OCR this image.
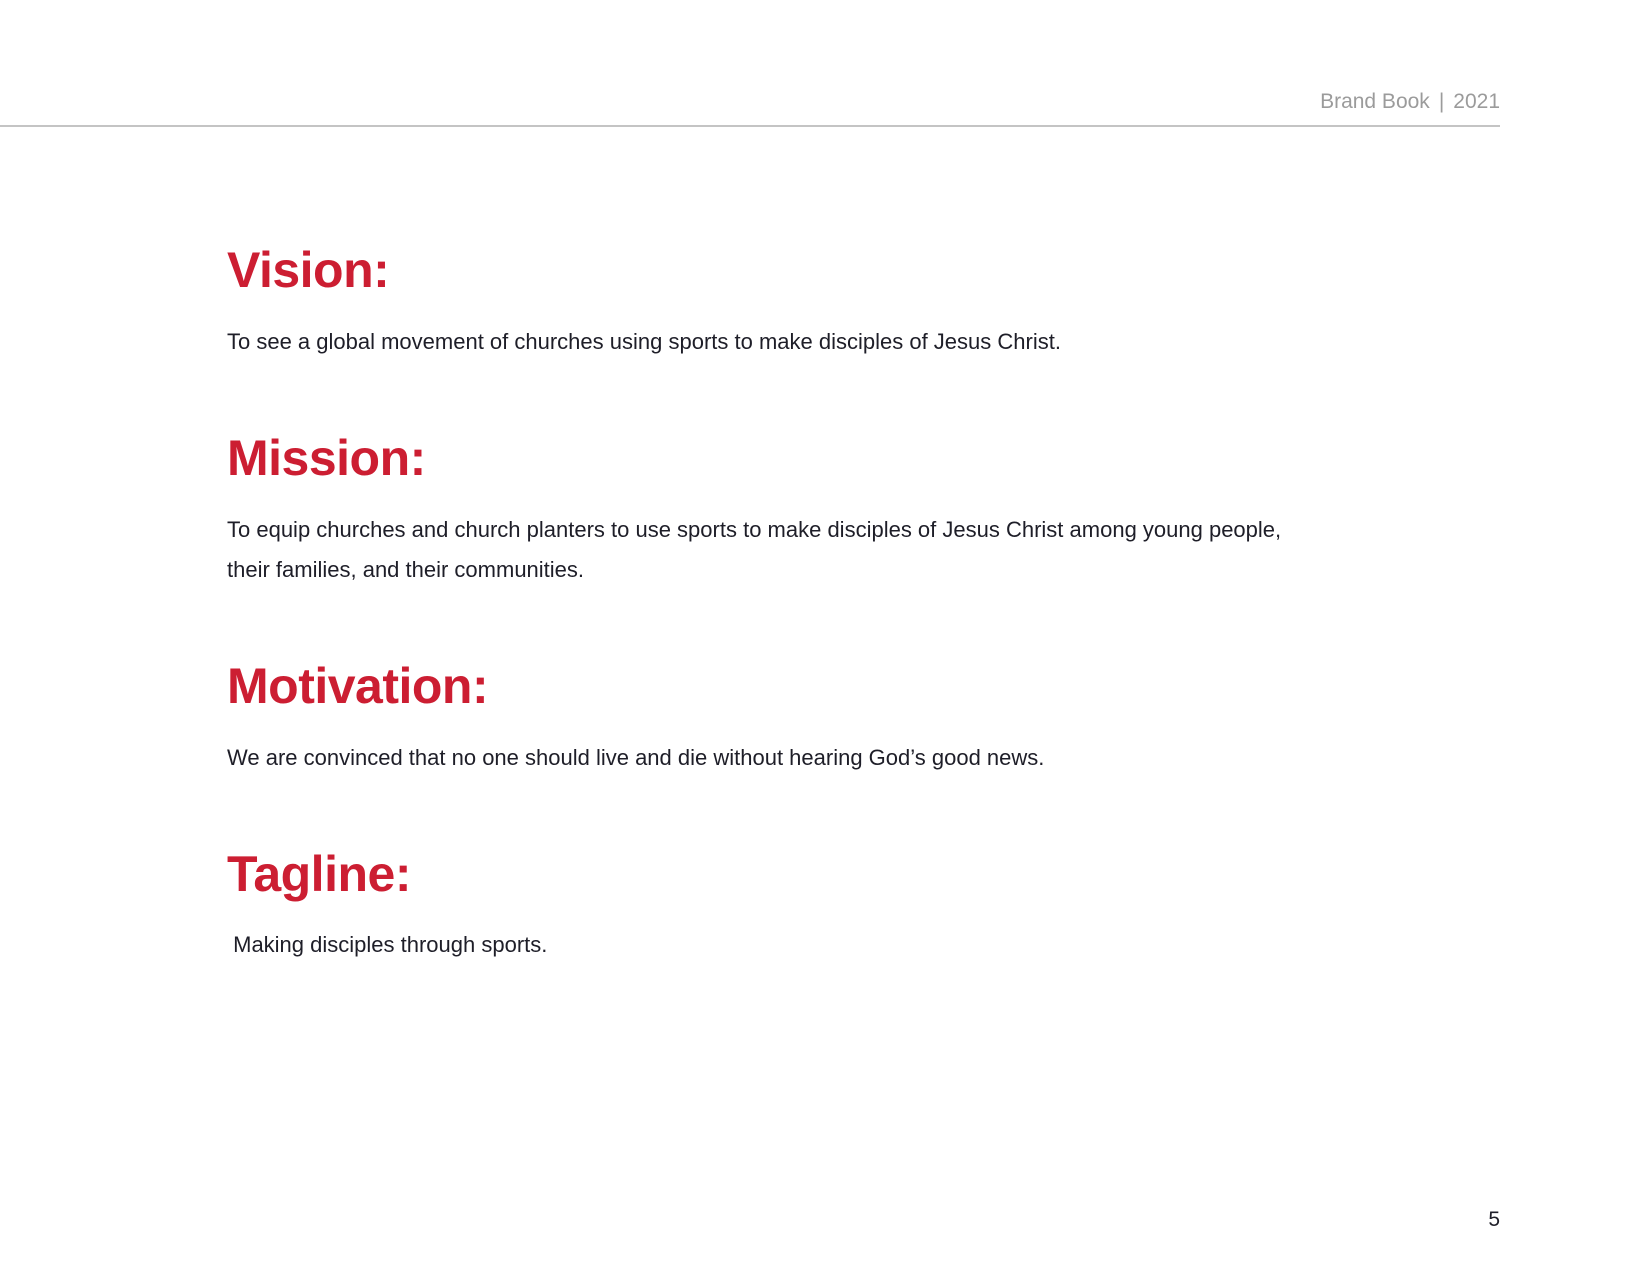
Brand Book | 2021
Vision:

To see a global movement of churches using sports to make disciples of Jesus Christ.

Mission:

To equip churches and church planters to use sports to make disciples of Jesus Christ among young people,
their families, and their communities.

Motivation:

We are convinced that no one should live and die without hearing God’s good news.

Tagline:

Making disciples through sports.

5
